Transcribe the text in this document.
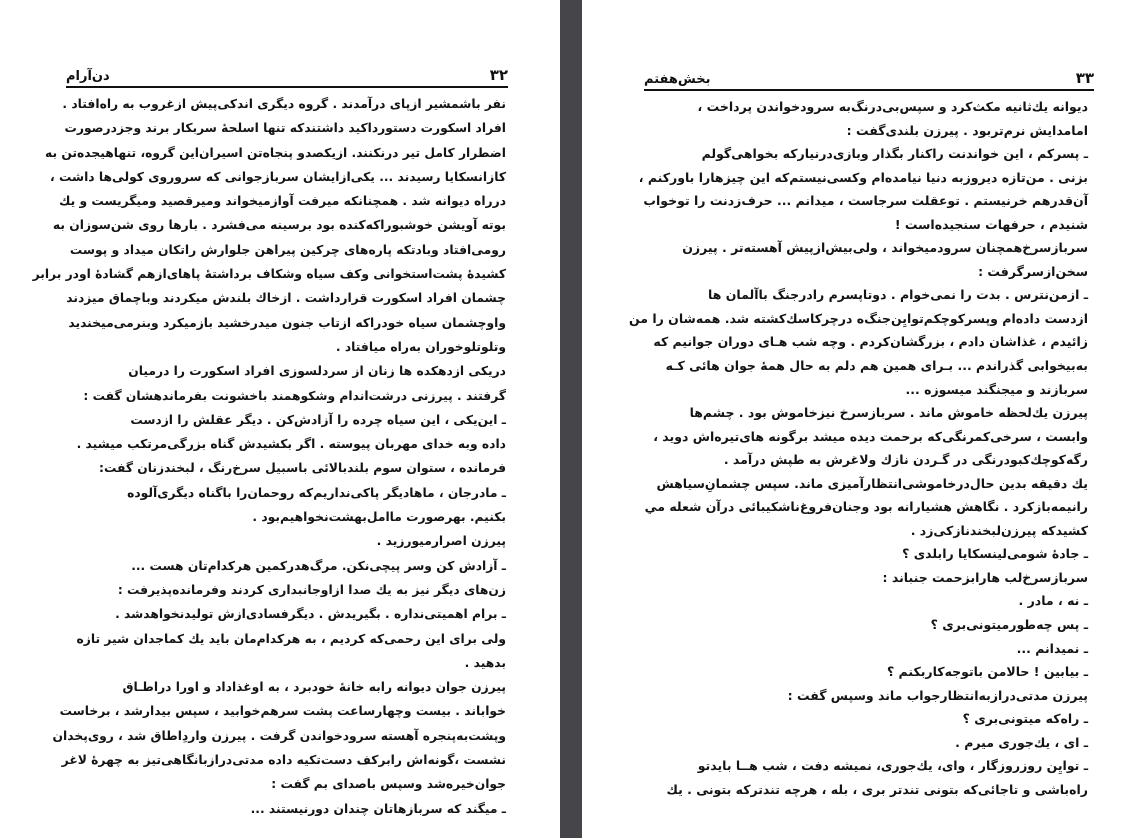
۳۲
دن‌آرام
نفر باشمشیر ازپای درآمدند . گروه دیگری اندکی‌پیش ازغروب به راه‌افتاد .
افراد اسکورت دستورداکید داشتندکه تنها اسلحهٔ سربکار برند وجزدرصورت
اضطرار کامل تیر درنکنند. ازیکصدو پنجاه‌تن اسیران‌این گروه، تنهاهیجده‌تن به
کازانسکایا رسیدند ... یکی‌ازایشان سربازجوانی که سروروی کولی‌ها داشت ،
درراه دیوانه شد . همچنانکه میرفت آوازمیخواند ومیرقصید ومیگریست و یك
بوته آویشن خوشبوراکه‌کنده بود برسینه می‌فشرد . بارها روی شن‌سوزان به
رومی‌افتاد وبادتکه پاره‌های چرکین پیراهن جلوارش راتکان میداد و پوست
کشیدهٔ پشت‌استخوانی وکف سیاه وشکاف برداشتهٔ پاهای‌ازهم گشادهٔ اودر برابر
چشمان افراد اسکورت قرارداشت . ازخاك بلندش میکردند وباچماق میزدند
واوچشمان سیاه خودراکه ازتاب جنون میدرخشید بازمیکرد وبنرمی‌میخندید
وتلوتلوخوران به‌راه میافتاد .
دریکی ازدهکده ها زنان از سردلسوزی افراد اسکورت را درمیان
گرفتند . پیرزنی درشت‌اندام وشکوهمند باخشونت بفرماندهشان گفت :
ـ این‌یکی ، این سیاه چرده را آزادش‌کن . دیگر عقلش را ازدست
داده وبه خدای مهربان پیوسته . اگر بکشیدش گناه بزرگی‌مرتکب میشید .
فرمانده ، ستوان سوم بلندبالائی باسبیل سرخ‌رنگ ، لبخندزنان گفت:
ـ مادرجان ، ماهادیگر پاکی‌نداریم‌که روحمان‌را باگناه دیگری‌آلوده
بکنیم. بهرصورت ماامل‌بهشت‌نخواهیم‌بود .
پیرزن اصرارمیورزید .
ـ آزادش کن وسر پیچی‌نکن. مرگ‌هدرکمین هرکدام‌تان هست ...
زن‌های دیگر نیز به یك صدا ازاوجانبداری کردند وفرمانده‌پذیرفت :
ـ برام اهمیتی‌نداره . بگیریدش . دیگرفسادی‌ازش تولیدنخواهدشد .
ولی برای این رحمی‌که کردیم ، به هرکدام‌مان باید یك کماجدان شیر تازه
بدهید .
پیرزن جوان دیوانه رابه خانهٔ خودبرد ، به اوغذاداد و اورا دراطـاق
خواباند . بیست وچهارساعت پشت سرهم‌خوابید ، سپس بیدارشد ، برخاست
وپشت‌به‌پنجره آهسته سرودخواندن گرفت . پیرزن واردِاطاق شد ، روی‌پخدان
نشست ،گونه‌اش رابرکف دست‌تکیه داده مدتی‌درازبانگاهی‌تیز به چهرهٔ لاغر
جوان‌خیره‌شد وسپس باصدای بم گفت :
ـ میگند که سربازهاتان چندان دورنیستند ...
۳۳
بخش‌هفتم
دیوانه یك‌ثانیه مکث‌کرد و سپس‌بی‌درنگ‌به سرودخواندن پرداخت ،
امامدایش نرم‌تربود . پیرزن بلندی‌گفت :
ـ پسرکم ، این خواندنت راکنار بگذار وبازی‌درنیارکه بخواهی‌گولم
بزنی . من‌تازه دیروزبه دنیا نیامده‌ام وکسی‌نیستم‌که این چیزهارا باورکنم ،
آن‌قدرهم خرنیستم . توعقلت سرجاست ، میدانم ... حرف‌زدنت را توخواب
شنیدم ، حرفهات سنجیده‌است !
سربازسرخ‌همچنان سرودمیخواند ، ولی‌بیش‌ازپیش آهسته‌تر . پیرزن
سخن‌ازسرگرفت :
ـ ازمن‌نترس . بدت را نمی‌خوام . دوتاپسرم رادرجنگ باآلمان ها
ازدست داده‌ام وپسرکوچکم‌توایِن‌جنگ‌ه درچرکاسك‌کشته شد. همه‌شان را من
زائیدم ، غذاشان دادم ، بزرگشان‌کردم . وچه شب هـای دوران جوانیم که
به‌بیخوابی گذراندم ... بـرای همین هم دلم به حال همهٔ جوان هائی کـه
سربازند و میجنگند میسوزه ...
پیرزن یك‌لحظه خاموش ماند . سربازسرخ نیزخاموش بود . چشم‌ها
وابست ، سرخی‌کمرنگی‌که برحمت دیده میشد برگونه های‌تیره‌اش دوید ،
رگه‌کوچك‌کبودرنگی در گـردن نازك ولاغرش به طپش درآمد .
یك دقیقه بدین حال‌درخاموشی‌انتظارآمیزی ماند. سپس چشمانِ‌سیاهش
رانیمه‌بازکرد . نگاهش هشیارانه بود وجنان‌فروغ‌ناشکیبائی درآن شعله مي‌
کشیدکه پیرزن‌لبخندنازکی‌زد .
ـ جادهٔ شومی‌لینسکایا رابلدی ؟
سربازسرخ‌لب هارابزحمت جنباند :
ـ نه ، مادر .
ـ پس چه‌طورمیتونی‌بری ؟
ـ نمیدانم ...
ـ بیابین ! حالامن باتوجه‌کاربکنم ؟
پیرزن مدتی‌درازبه‌انتظارجواب ماند وسپس گفت :
ـ راه‌که میتونی‌بری ؟
ـ ای ، یك‌جوری میرم .
ـ توایِن روزروزگار ، وای، یك‌جوری، نمیشه دفت ، شب هــا بایدتو
راه‌باشی و تاجائی‌که بتونی تندتر بری ، بله ، هرچه تندترکه بتونی . یك
